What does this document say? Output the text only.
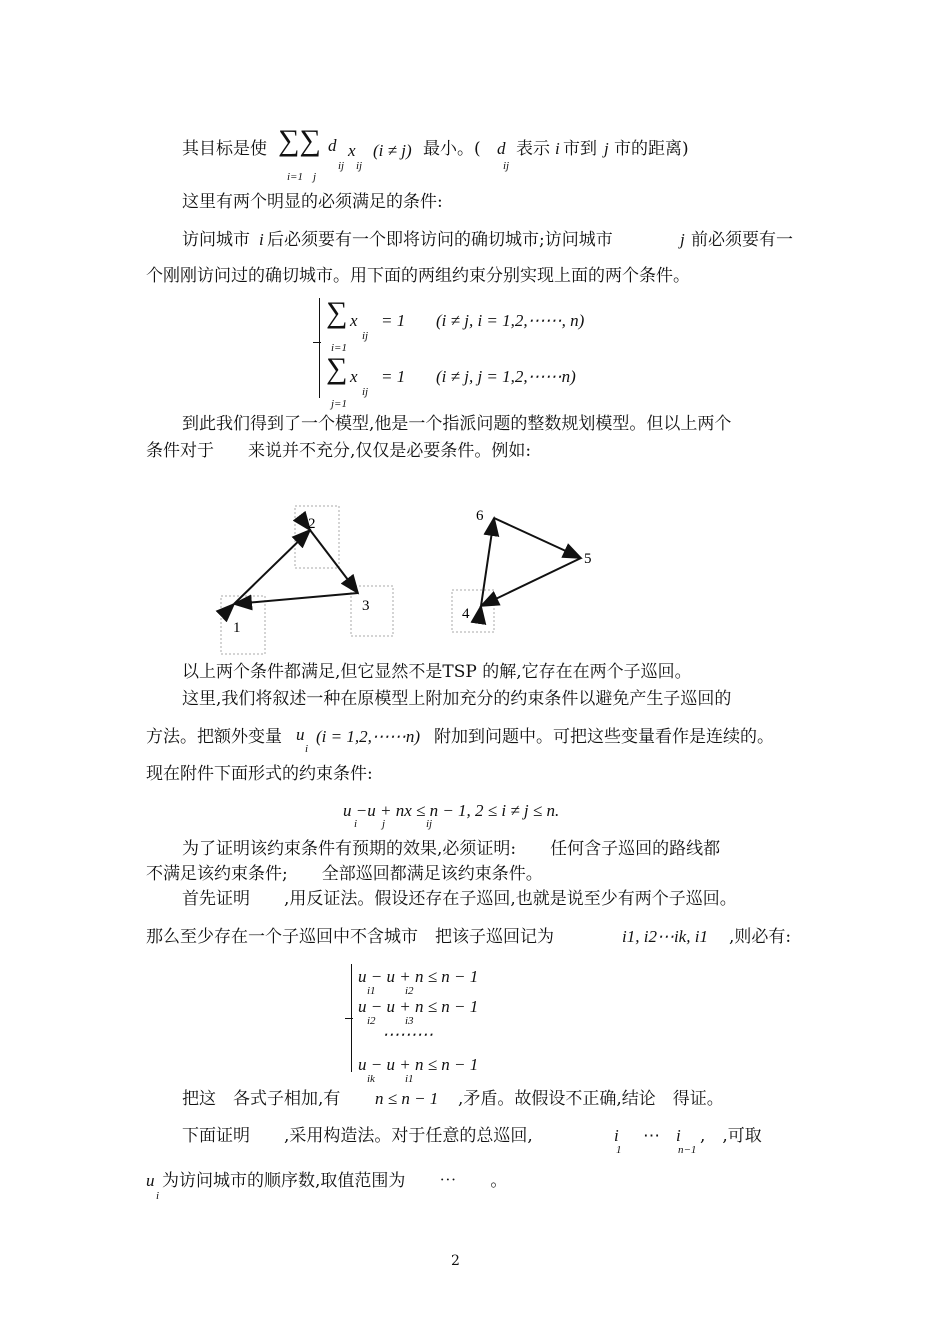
其目标是使 ∑∑ d x (i ≠ j)
i=1 j
ij ij
最小。( d
ij
表示 i 市到 j 市的距离)
这里有两个明显的必须满足的条件:
访问城市 i 后必须要有一个即将访问的确切城市;访问城市	j 前必须要有一
个刚刚访问过的确切城市。用下面的两组约束分别实现上面的两个条件。
∑ x
ij
= 1
i=1
(i ≠ j, i = 1,2,⋯⋯, n)
∑ x
ij
= 1
j=1
(i ≠ j, j = 1,2,⋯⋯n)
到此我们得到了一个模型,他是一个指派问题的整数规划模型。但以上两个
条件对于　　来说并不充分,仅仅是必要条件。例如:
2
1
3	4
5
6
以上两个条件都满足,但它显然不是TSP 的解,它存在在两个子巡回。
这里,我们将叙述一种在原模型上附加充分的约束条件以避免产生子巡回的
方法。把额外变量 u
i
(i = 1,2,⋯⋯n) 附加到问题中。可把这些变量看作是连续的。
现在附件下面形式的约束条件:
u −u + nx ≤ n − 1, 2 ≤ i ≠ j ≤ n.
i j	ij
为了证明该约束条件有预期的效果,必须证明:　　任何含子巡回的路线都
不满足该约束条件;　　全部巡回都满足该约束条件。
首先证明　　,用反证法。假设还存在子巡回,也就是说至少有两个子巡回。
那么至少存在一个子巡回中不含城市　把该子巡回记为	i1, i2⋯ik, i1 ,则必有:
u − u + n ≤ n − 1
i1	i2
u − u + n ≤ n − 1
i2	i3
⋯⋯⋯
u − u + n ≤ n − 1
ik	i1
把这　各式子相加,有 n ≤ n − 1 ,矛盾。故假设不正确,结论　得证。
下面证明　　,采用构造法。对于任意的总巡回,	i
1
⋯ i
n−1
,　,可取
u
i
为访问城市的顺序数,取值范围为　　⋯　　。
2
